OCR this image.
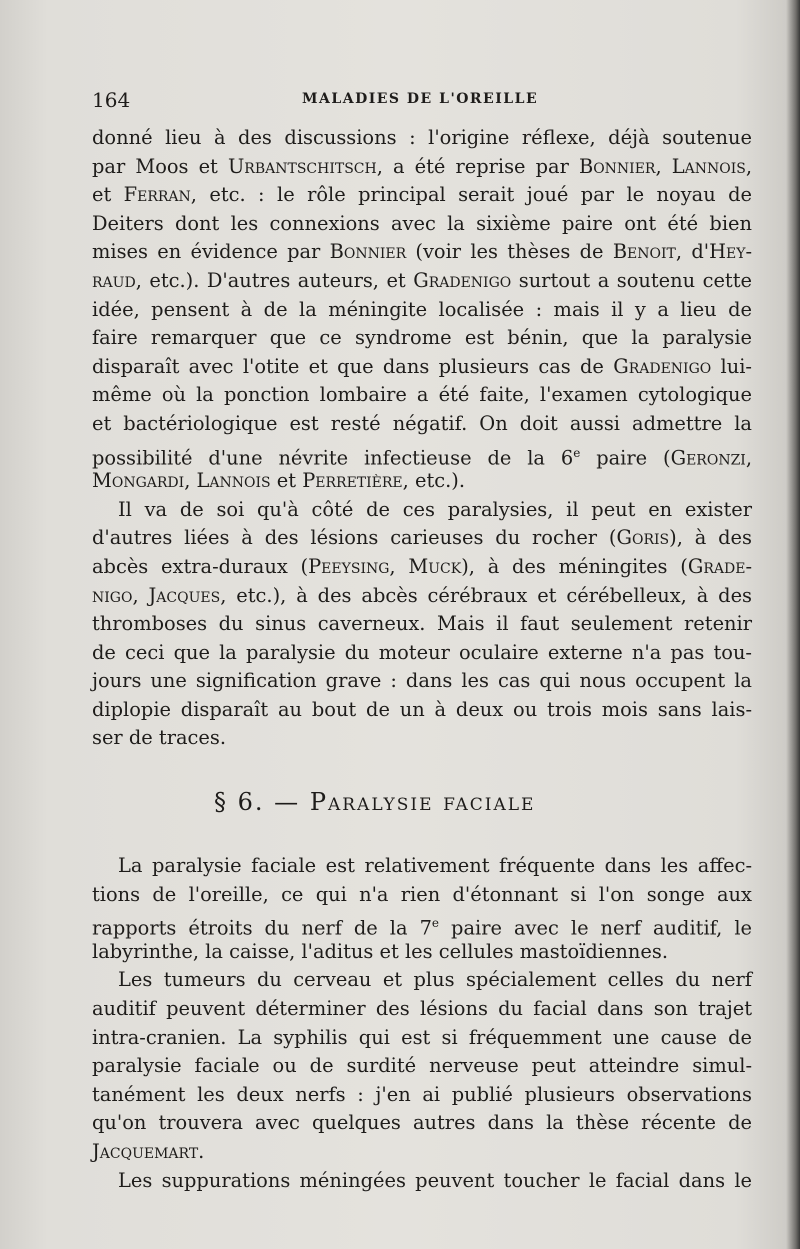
164	MALADIES DE L'OREILLE
donné lieu à des discussions : l'origine réflexe, déjà soutenue
par Moos et Urbantschitsch, a été reprise par Bonnier, Lannois,
et Ferran, etc. : le rôle principal serait joué par le noyau de
Deiters dont les connexions avec la sixième paire ont été bien
mises en évidence par Bonnier (voir les thèses de Benoit, d'Hey-
raud, etc.). D'autres auteurs, et Gradenigo surtout a soutenu cette
idée, pensent à de la méningite localisée : mais il y a lieu de
faire remarquer que ce syndrome est bénin, que la paralysie
disparaît avec l'otite et que dans plusieurs cas de Gradenigo lui-
même où la ponction lombaire a été faite, l'examen cytologique
et bactériologique est resté négatif. On doit aussi admettre la
possibilité d'une névrite infectieuse de la 6e paire (Geronzi,
Mongardi, Lannois et Perretière, etc.).
Il va de soi qu'à côté de ces paralysies, il peut en exister
d'autres liées à des lésions carieuses du rocher (Goris), à des
abcès extra-duraux (Peeysing, Muck), à des méningites (Grade-
nigo, Jacques, etc.), à des abcès cérébraux et cérébelleux, à des
thromboses du sinus caverneux. Mais il faut seulement retenir
de ceci que la paralysie du moteur oculaire externe n'a pas tou-
jours une signification grave : dans les cas qui nous occupent la
diplopie disparaît au bout de un à deux ou trois mois sans lais-
ser de traces.
§ 6. — Paralysie faciale
La paralysie faciale est relativement fréquente dans les affec-
tions de l'oreille, ce qui n'a rien d'étonnant si l'on songe aux
rapports étroits du nerf de la 7e paire avec le nerf auditif, le
labyrinthe, la caisse, l'aditus et les cellules mastoïdiennes.
Les tumeurs du cerveau et plus spécialement celles du nerf
auditif peuvent déterminer des lésions du facial dans son trajet
intra-cranien. La syphilis qui est si fréquemment une cause de
paralysie faciale ou de surdité nerveuse peut atteindre simul-
tanément les deux nerfs : j'en ai publié plusieurs observations
qu'on trouvera avec quelques autres dans la thèse récente de
Jacquemart.
Les suppurations méningées peuvent toucher le facial dans le
